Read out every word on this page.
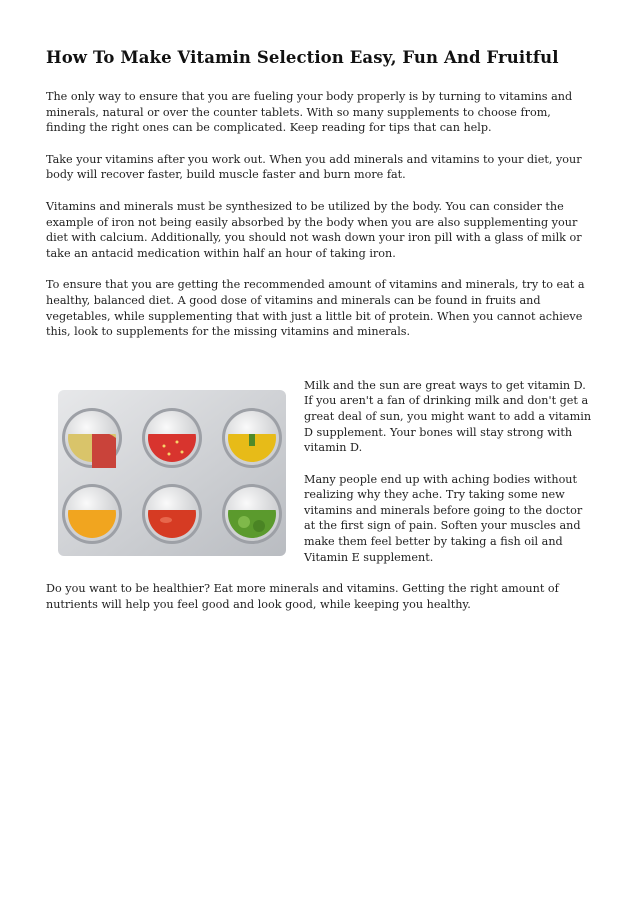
How To Make Vitamin Selection Easy, Fun And Fruitful

The only way to ensure that you are fueling your body properly is by turning to vitamins and minerals, natural or over the counter tablets. With so many supplements to choose from, finding the right ones can be complicated. Keep reading for tips that can help.

Take your vitamins after you work out. When you add minerals and vitamins to your diet, your body will recover faster, build muscle faster and burn more fat.

Vitamins and minerals must be synthesized to be utilized by the body. You can consider the example of iron not being easily absorbed by the body when you are also supplementing your diet with calcium. Additionally, you should not wash down your iron pill with a glass of milk or take an antacid medication within half an hour of taking iron.

To ensure that you are getting the recommended amount of vitamins and minerals, try to eat a healthy, balanced diet. A good dose of vitamins and minerals can be found in fruits and vegetables, while supplementing that with just a little bit of protein. When you cannot achieve this, look to supplements for the missing vitamins and minerals.

Milk and the sun are great ways to get vitamin D. If you aren't a fan of drinking milk and don't get a great deal of sun, you might want to add a vitamin D supplement. Your bones will stay strong with vitamin D.

Many people end up with aching bodies without realizing why they ache. Try taking some new vitamins and minerals before going to the doctor at the first sign of pain. Soften your muscles and make them feel better by taking a fish oil and Vitamin E supplement.

Do you want to be healthier? Eat more minerals and vitamins. Getting the right amount of nutrients will help you feel good and look good, while keeping you healthy.
